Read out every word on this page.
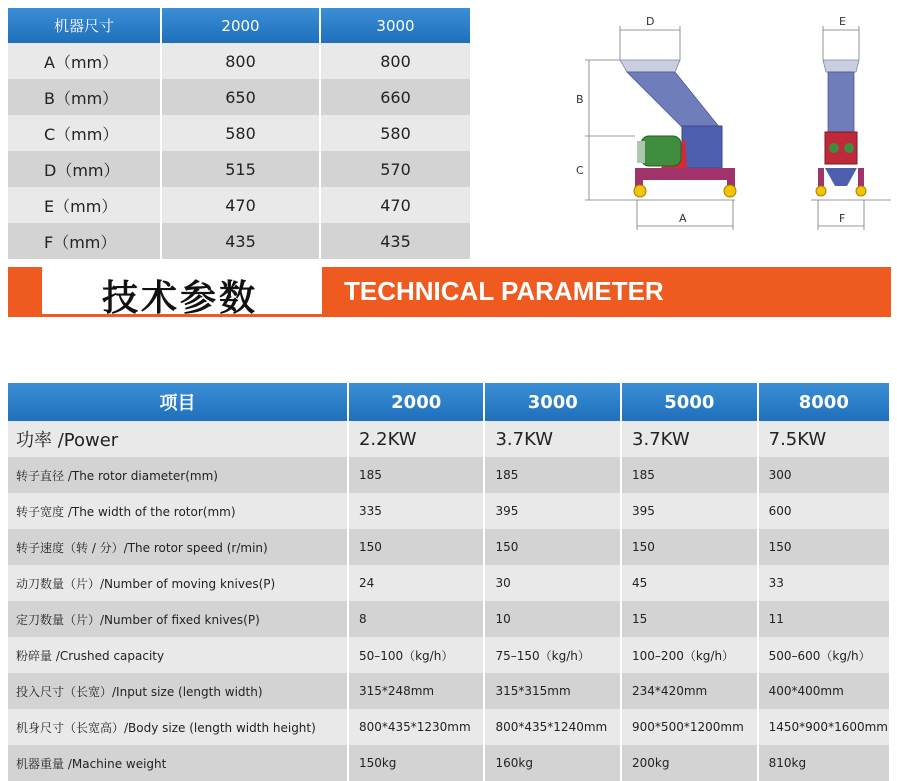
机器尺寸	2000	3000
A（mm）	800	800
B（mm）	650	660
C（mm）	580	580
D（mm）	515	570
E（mm）	470	470
F（mm）	435	435
D
B
C
A
E
F
技术参数	TECHNICAL PARAMETER
项目	2000	3000	5000	8000
功率 /Power	2.2KW	3.7KW	3.7KW	7.5KW
转子直径 /The rotor diameter(mm)	185	185	185	300
转子宽度 /The width of the rotor(mm)	335	395	395	600
转子速度（转 / 分）/The rotor speed (r/min)	150	150	150	150
动刀数量（片）/Number of moving knives(P)	24	30	45	33
定刀数量（片）/Number of fixed knives(P)	8	10	15	11
粉碎量 /Crushed capacity	50–100（kg/h）	75–150（kg/h）	100–200（kg/h）	500–600（kg/h）
投入尺寸（长宽）/Input size (length width)	315*248mm	315*315mm	234*420mm	400*400mm
机身尺寸（长宽高）/Body size (length width height)	800*435*1230mm	800*435*1240mm	900*500*1200mm	1450*900*1600mm
机器重量 /Machine weight	150kg	160kg	200kg	810kg
